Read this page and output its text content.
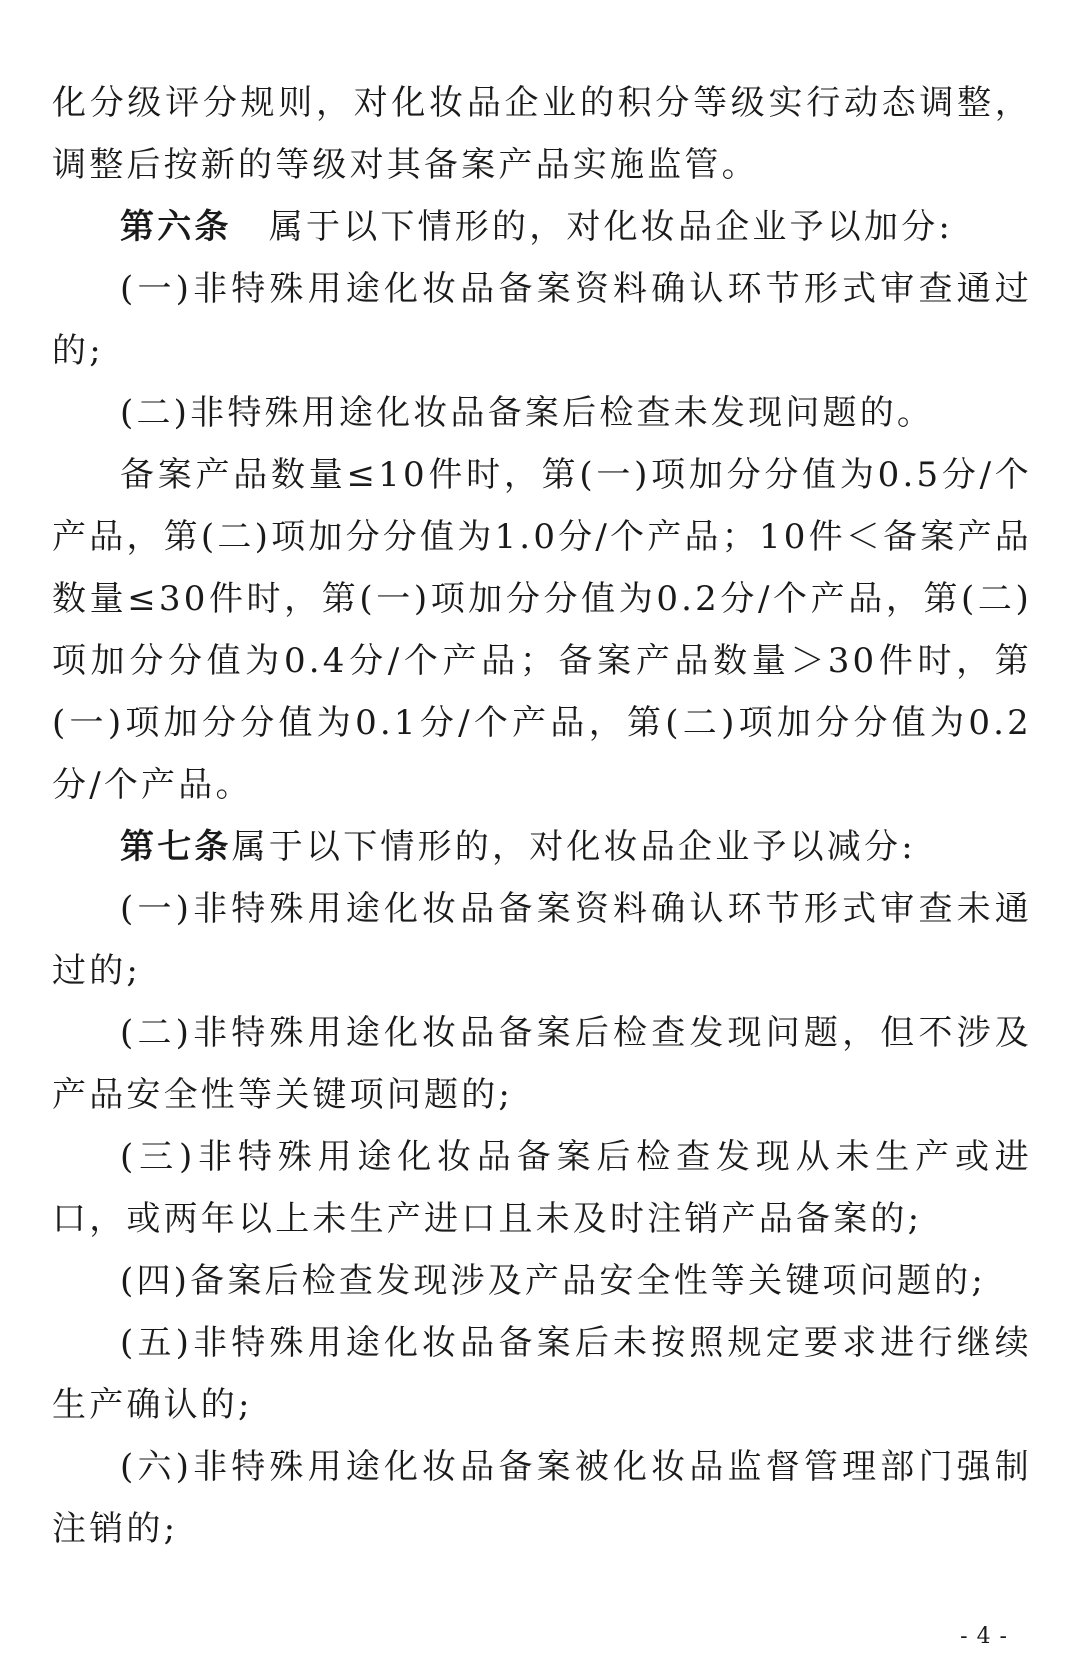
化分级评分规则，对化妆品企业的积分等级实行动态调整，调整后按新的等级对其备案产品实施监管。

第六条　属于以下情形的，对化妆品企业予以加分:

(一)非特殊用途化妆品备案资料确认环节形式审查通过的;

(二)非特殊用途化妆品备案后检查未发现问题的。

备案产品数量≤10件时，第(一)项加分分值为0.5分/个产品，第(二)项加分分值为1.0分/个产品；10件＜备案产品数量≤30件时，第(一)项加分分值为0.2分/个产品，第(二)项加分分值为0.4分/个产品；备案产品数量＞30件时，第(一)项加分分值为0.1分/个产品，第(二)项加分分值为0.2分/个产品。

第七条属于以下情形的，对化妆品企业予以减分:

(一)非特殊用途化妆品备案资料确认环节形式审查未通过的;

(二)非特殊用途化妆品备案后检查发现问题，但不涉及产品安全性等关键项问题的;

(三)非特殊用途化妆品备案后检查发现从未生产或进口，或两年以上未生产进口且未及时注销产品备案的;

(四)备案后检查发现涉及产品安全性等关键项问题的;

(五)非特殊用途化妆品备案后未按照规定要求进行继续生产确认的;

(六)非特殊用途化妆品备案被化妆品监督管理部门强制注销的;

- 4 -
